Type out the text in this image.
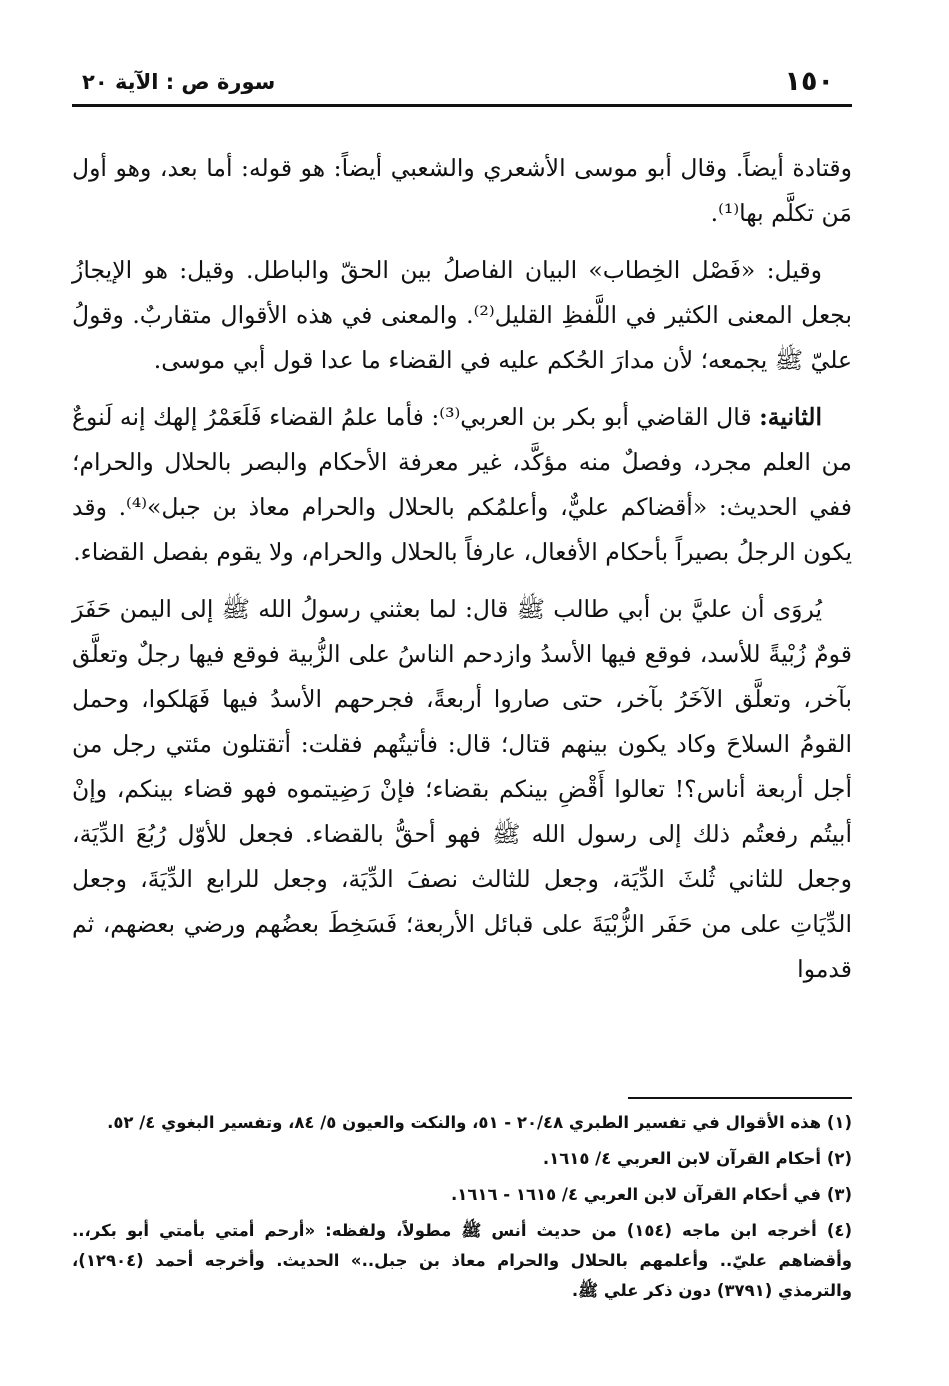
١٥٠
سورة ص : الآية ٢٠

وقتادة أيضاً. وقال أبو موسى الأشعري والشعبي أيضاً: هو قوله: أما بعد، وهو أول مَن تكلَّم بها⁽¹⁾.

وقيل: «فَصْل الخِطاب» البيان الفاصلُ بين الحقّ والباطل. وقيل: هو الإيجازُ بجعل المعنى الكثير في اللَّفظِ القليل⁽²⁾. والمعنى في هذه الأقوال متقاربٌ. وقولُ عليّ ﷺ يجمعه؛ لأن مدارَ الحُكم عليه في القضاء ما عدا قول أبي موسى.

الثانية: قال القاضي أبو بكر بن العربي⁽³⁾: فأما علمُ القضاء فَلَعَمْرُ إلهك إنه لَنوعٌ من العلم مجرد، وفصلٌ منه مؤكَّد، غير معرفة الأحكام والبصر بالحلال والحرام؛ ففي الحديث: «أقضاكم عليٌّ، وأعلمُكم بالحلال والحرام معاذ بن جبل»⁽⁴⁾. وقد يكون الرجلُ بصيراً بأحكام الأفعال، عارفاً بالحلال والحرام، ولا يقوم بفصل القضاء.

يُروَى أن عليَّ بن أبي طالب ﷺ قال: لما بعثني رسولُ الله ﷺ إلى اليمن حَفَرَ قومٌ زُبْيةً للأسد، فوقع فيها الأسدُ وازدحم الناسُ على الزُّبية فوقع فيها رجلٌ وتعلَّق بآخر، وتعلَّق الآخَرُ بآخر، حتى صاروا أربعةً، فجرحهم الأسدُ فيها فَهَلكوا، وحمل القومُ السلاحَ وكاد يكون بينهم قتال؛ قال: فأتيتُهم فقلت: أتقتلون مئتي رجل من أجل أربعة أناس؟! تعالوا أَقْضِ بينكم بقضاء؛ فإنْ رَضِيتموه فهو قضاء بينكم، وإنْ أبيتُم رفعتُم ذلك إلى رسول الله ﷺ فهو أحقُّ بالقضاء. فجعل للأوّل رُبُعَ الدِّيَة، وجعل للثاني ثُلثَ الدِّيَة، وجعل للثالث نصفَ الدِّيَة، وجعل للرابع الدِّيَةَ، وجعل الدِّيَاتِ على من حَفَر الزُّبْيَةَ على قبائل الأربعة؛ فَسَخِطَ بعضُهم ورضي بعضهم، ثم قدموا

(١) هذه الأقوال في تفسير الطبري ٢٠/٤٨ - ٥١، والنكت والعيون ٥/ ٨٤، وتفسير البغوي ٤/ ٥٢.

(٢) أحكام القرآن لابن العربي ٤/ ١٦١٥.

(٣) في أحكام القرآن لابن العربي ٤/ ١٦١٥ - ١٦١٦.

(٤) أخرجه ابن ماجه (١٥٤) من حديث أنس ﷺ مطولاً، ولفظه: «أرحم أمتي بأمتي أبو بكر،.. وأقضاهم عليّ.. وأعلمهم بالحلال والحرام معاذ بن جبل..» الحديث. وأخرجه أحمد (١٢٩٠٤)، والترمذي (٣٧٩١) دون ذكر علي ﷺ.
